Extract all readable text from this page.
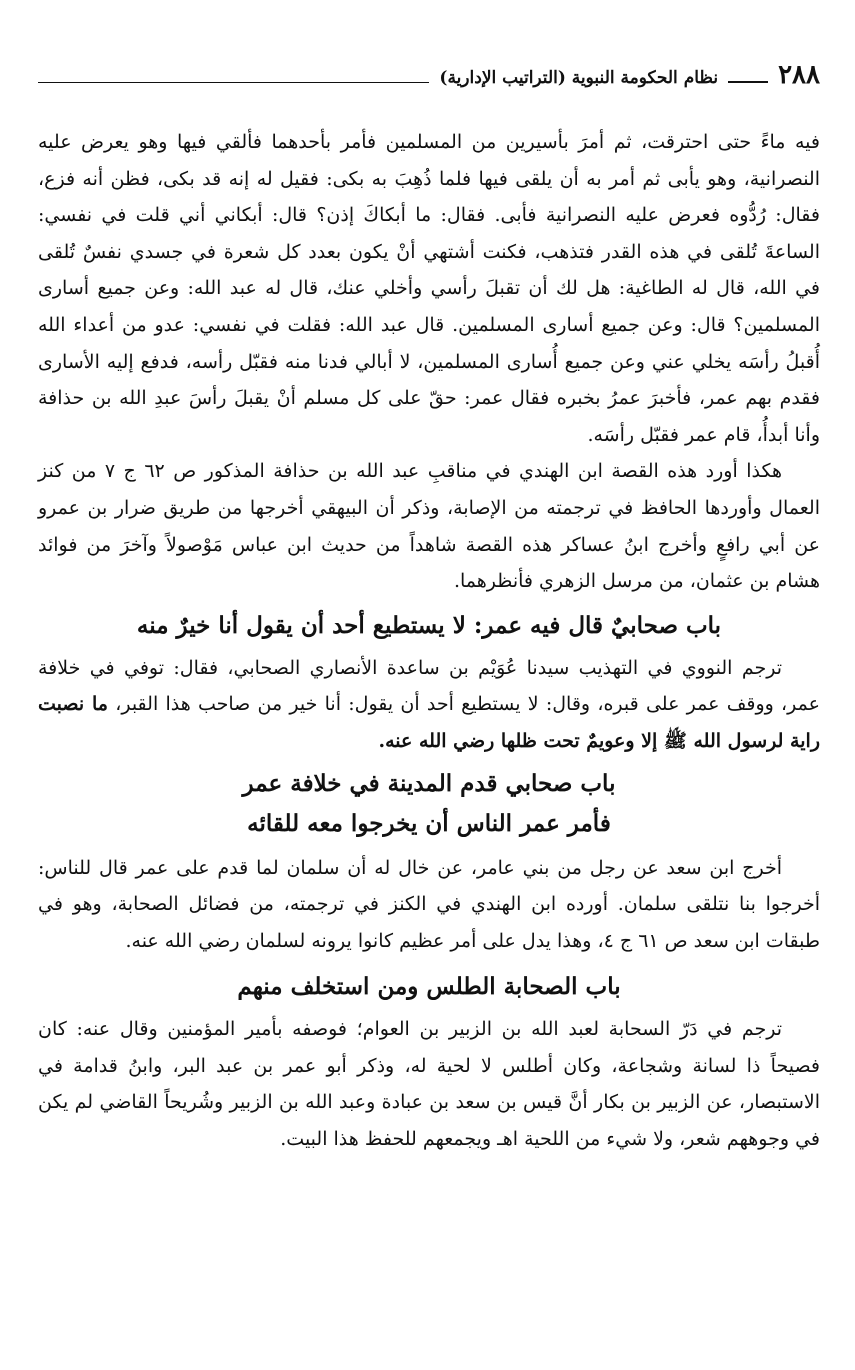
٢٨٨
نظام الحكومة النبوية (التراتيب الإدارية)

فيه ماءً حتى احترقت، ثم أمرَ بأسيرين من المسلمين فأمر بأحدهما فألقي فيها وهو يعرض عليه النصرانية، وهو يأبى ثم أمر به أن يلقى فيها فلما ذُهِبَ به بكى: فقيل له إنه قد بكى، فظن أنه فزع، فقال: رُدُّوه فعرض عليه النصرانية فأبى. فقال: ما أبكاكَ إذن؟ قال: أبكاني أني قلت في نفسي: الساعةَ تُلقى في هذه القدر فتذهب، فكنت أشتهي أنْ يكون بعدد كل شعرة في جسدي نفسٌ تُلقى في الله، قال له الطاغية: هل لك أن تقبلَ رأسي وأخلي عنك، قال له عبد الله: وعن جميع أسارى المسلمين؟ قال: وعن جميع أسارى المسلمين. قال عبد الله: فقلت في نفسي: عدو من أعداء الله أُقبلُ رأسَه يخلي عني وعن جميع أُسارى المسلمين، لا أبالي فدنا منه فقبّل رأسه، فدفع إليه الأسارى فقدم بهم عمر، فأخبرَ عمرُ بخبره فقال عمر: حقّ على كل مسلم أنْ يقبلَ رأسَ عبدِ الله بن حذافة وأنا أبدأُ، قام عمر فقبّل رأسَه.

هكذا أورد هذه القصة ابن الهندي في مناقبِ عبد الله بن حذافة المذكور ص ٦٢ ج ٧ من كنز العمال وأوردها الحافظ في ترجمته من الإصابة، وذكر أن البيهقي أخرجها من طريق ضرار بن عمرو عن أبي رافعٍ وأخرج ابنُ عساكر هذه القصة شاهداً من حديث ابن عباس مَوْصولاً وآخرَ من فوائد هشام بن عثمان، من مرسل الزهري فأنظرهما.

باب صحابيٌ قال فيه عمر: لا يستطيع أحد أن يقول أنا خيرٌ منه

ترجم النووي في التهذيب سيدنا عُوَيْم بن ساعدة الأنصاري الصحابي، فقال: توفي في خلافة عمر، ووقف عمر على قبره، وقال: لا يستطيع أحد أن يقول: أنا خير من صاحب هذا القبر، ما نصبت راية لرسول الله ﷺ إلا وعويمٌ تحت ظلها رضي الله عنه.

باب صحابي قدم المدينة في خلافة عمر
فأمر عمر الناس أن يخرجوا معه للقائه

أخرج ابن سعد عن رجل من بني عامر، عن خال له أن سلمان لما قدم على عمر قال للناس: أخرجوا بنا نتلقى سلمان. أورده ابن الهندي في الكنز في ترجمته، من فضائل الصحابة، وهو في طبقات ابن سعد ص ٦١ ج ٤، وهذا يدل على أمر عظيم كانوا يرونه لسلمان رضي الله عنه.

باب الصحابة الطلس ومن استخلف منهم

ترجم في دَرّ السحابة لعبد الله بن الزبير بن العوام؛ فوصفه بأمير المؤمنين وقال عنه: كان فصيحاً ذا لسانة وشجاعة، وكان أطلس لا لحية له، وذكر أبو عمر بن عبد البر، وابنُ قدامة في الاستبصار، عن الزبير بن بكار أنَّ قيس بن سعد بن عبادة وعبد الله بن الزبير وشُريحاً القاضي لم يكن في وجوههم شعر، ولا شيء من اللحية اهـ ويجمعهم للحفظ هذا البيت.
